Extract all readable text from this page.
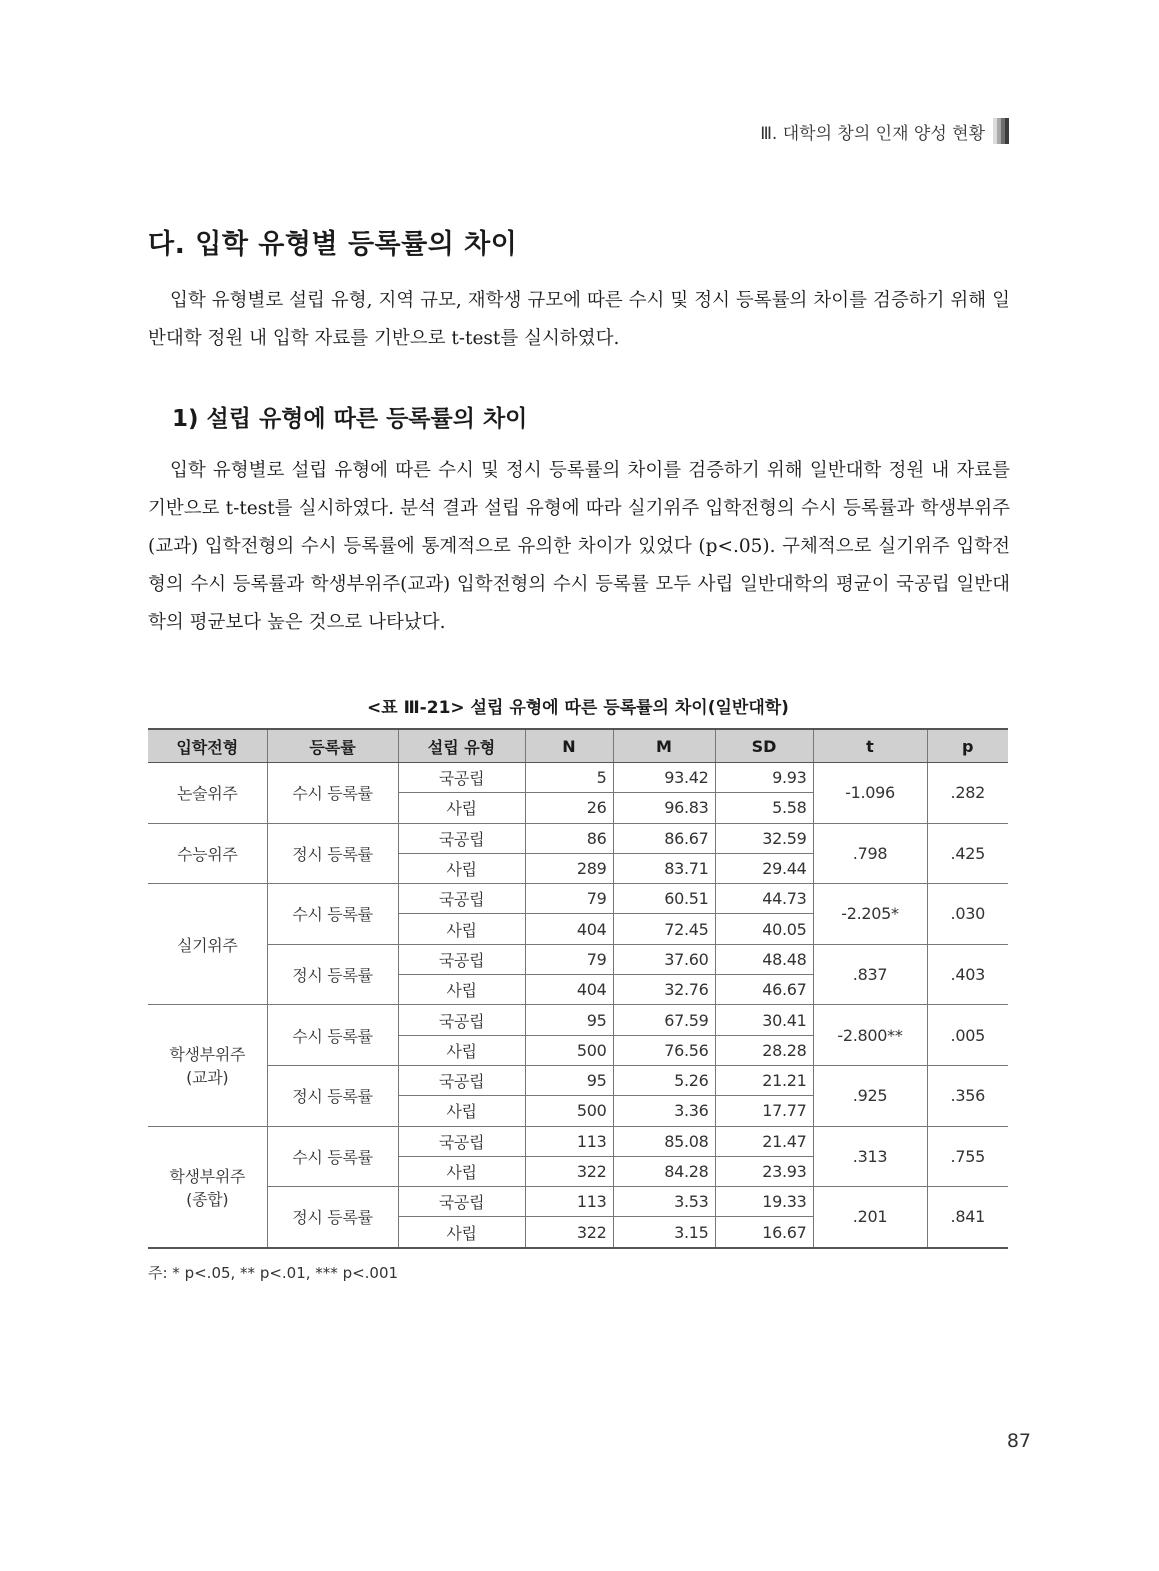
Ⅲ. 대학의 창의 인재 양성 현황
다. 입학 유형별 등록률의 차이

입학 유형별로 설립 유형, 지역 규모, 재학생 규모에 따른 수시 및 정시 등록률의 차이를 검증하기 위해 일반대학 정원 내 입학 자료를 기반으로 t-test를 실시하였다.

1) 설립 유형에 따른 등록률의 차이

입학 유형별로 설립 유형에 따른 수시 및 정시 등록률의 차이를 검증하기 위해 일반대학 정원 내 자료를 기반으로 t-test를 실시하였다. 분석 결과 설립 유형에 따라 실기위주 입학전형의 수시 등록률과 학생부위주(교과) 입학전형의 수시 등록률에 통계적으로 유의한 차이가 있었다 (p<.05). 구체적으로 실기위주 입학전형의 수시 등록률과 학생부위주(교과) 입학전형의 수시 등록률 모두 사립 일반대학의 평균이 국공립 일반대학의 평균보다 높은 것으로 나타났다.

<표 Ⅲ-21> 설립 유형에 따른 등록률의 차이(일반대학)
입학전형	등록률	설립 유형	N	M	SD	t	p
논술위주	수시 등록률	국공립	5	93.42	9.93	-1.096	.282
		사립	26	96.83	5.58		
수능위주	정시 등록률	국공립	86	86.67	32.59	.798	.425
		사립	289	83.71	29.44		
실기위주	수시 등록률	국공립	79	60.51	44.73	-2.205*	.030
		사립	404	72.45	40.05		
	정시 등록률	국공립	79	37.60	48.48	.837	.403
		사립	404	32.76	46.67		
학생부위주
(교과)	수시 등록률	국공립	95	67.59	30.41	-2.800**	.005
		사립	500	76.56	28.28		
	정시 등록률	국공립	95	5.26	21.21	.925	.356
		사립	500	3.36	17.77		
학생부위주
(종합)	수시 등록률	국공립	113	85.08	21.47	.313	.755
		사립	322	84.28	23.93		
	정시 등록률	국공립	113	3.53	19.33	.201	.841
		사립	322	3.15	16.67		
주: * p<.05, ** p<.01, *** p<.001
87
